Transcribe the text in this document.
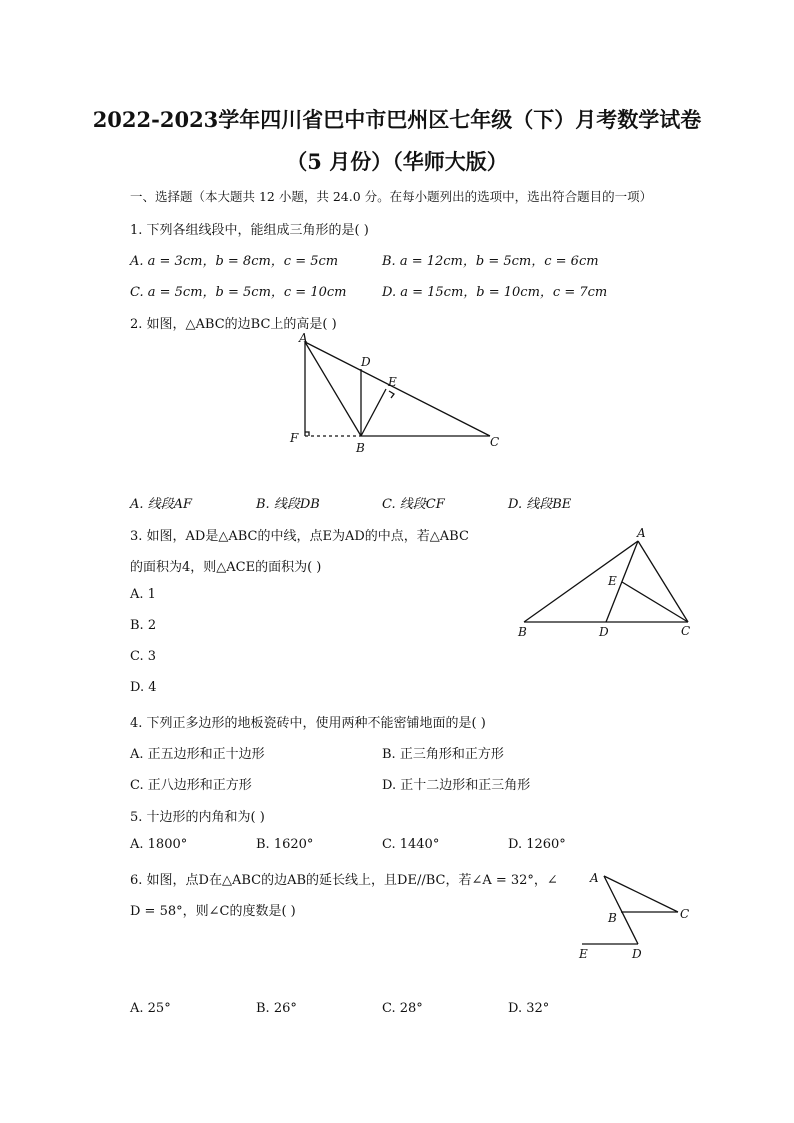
2022-2023学年四川省巴中市巴州区七年级（下）月考数学试卷
（5 月份）（华师大版）
一、选择题（本大题共 12 小题，共 24.0 分。在每小题列出的选项中，选出符合题目的一项）
1. 下列各组线段中，能组成三角形的是( )
A. a = 3cm，b = 8cm，c = 5cm	B. a = 12cm，b = 5cm，c = 6cm
C. a = 5cm，b = 5cm，c = 10cm	D. a = 15cm，b = 10cm，c = 7cm
2. 如图，△ABC的边BC上的高是( )
A
D
E
F
B	C
A. 线段AF	B. 线段DB	C. 线段CF	D. 线段BE
3. 如图，AD是△ABC的中线，点E为AD的中点，若△ABC
的面积为4，则△ACE的面积为( )
A
E
B	D	C
A. 1
B. 2
C. 3
D. 4
4. 下列正多边形的地板瓷砖中，使用两种不能密铺地面的是( )
A. 正五边形和正十边形	B. 正三角形和正方形
C. 正八边形和正方形	D. 正十二边形和正三角形
5. 十边形的内角和为( )
A. 1800°	B. 1620°	C. 1440°	D. 1260°
6. 如图，点D在△ABC的边AB的延长线上，且DE//BC，若∠A = 32°，∠
D = 58°，则∠C的度数是( )
A
B	C
E	D
A. 25°	B. 26°	C. 28°	D. 32°
